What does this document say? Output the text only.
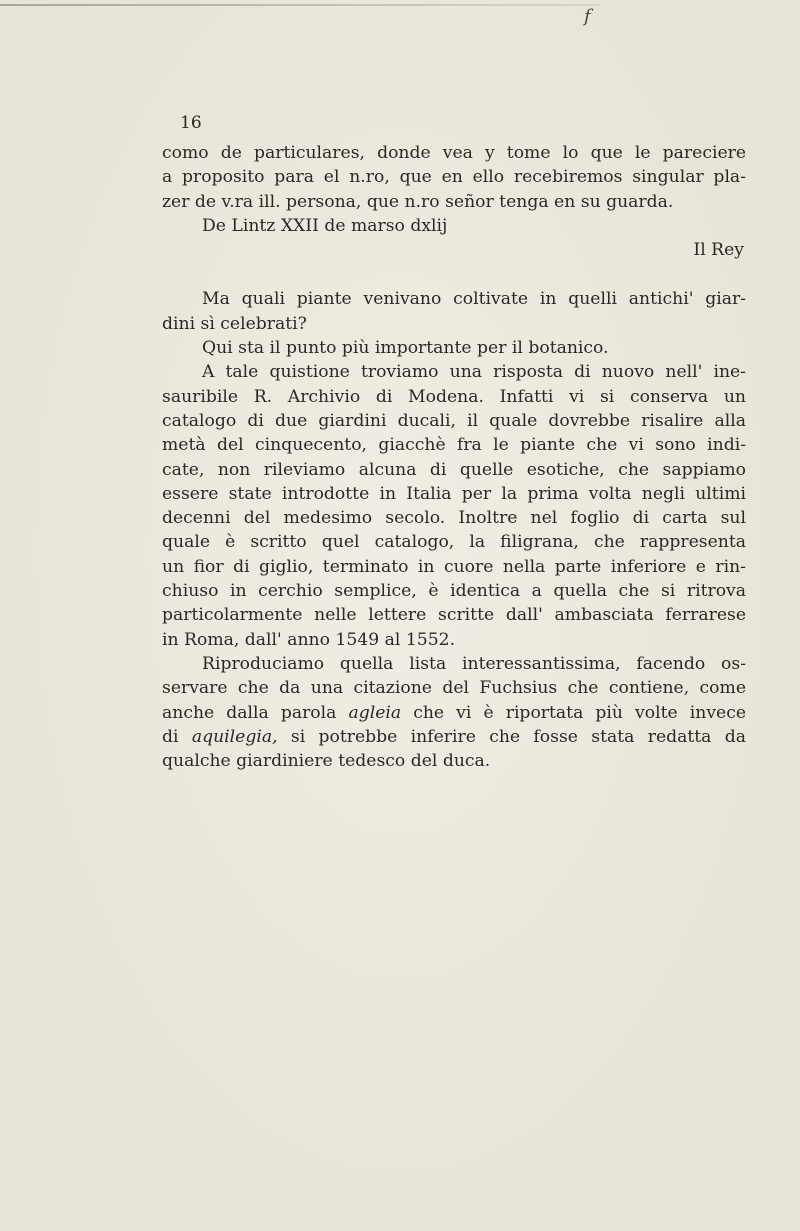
f
16
como de particulares, donde vea y tome lo que le pareciere
a proposito para el n.ro, que en ello recebiremos singular pla-
zer de v.ra ill. persona, que n.ro señor tenga en su guarda.
De Lintz XXII de marso dxlij
Il Rey
Ma quali piante venivano coltivate in quelli antichi' giar-
dini sì celebrati?
Qui sta il punto più importante per il botanico.
A tale quistione troviamo una risposta di nuovo nell' ine-
sauribile R. Archivio di Modena. Infatti vi si conserva un
catalogo di due giardini ducali, il quale dovrebbe risalire alla
metà del cinquecento, giacchè fra le piante che vi sono indi-
cate, non rileviamo alcuna di quelle esotiche, che sappiamo
essere state introdotte in Italia per la prima volta negli ultimi
decenni del medesimo secolo. Inoltre nel foglio di carta sul
quale è scritto quel catalogo, la filigrana, che rappresenta
un fior di giglio, terminato in cuore nella parte inferiore e rin-
chiuso in cerchio semplice, è identica a quella che si ritrova
particolarmente nelle lettere scritte dall' ambasciata ferrarese
in Roma, dall' anno 1549 al 1552.
Riproduciamo quella lista interessantissima, facendo os-
servare che da una citazione del Fuchsius che contiene, come
anche dalla parola agleia che vi è riportata più volte invece
di aquilegia, si potrebbe inferire che fosse stata redatta da
qualche giardiniere tedesco del duca.
